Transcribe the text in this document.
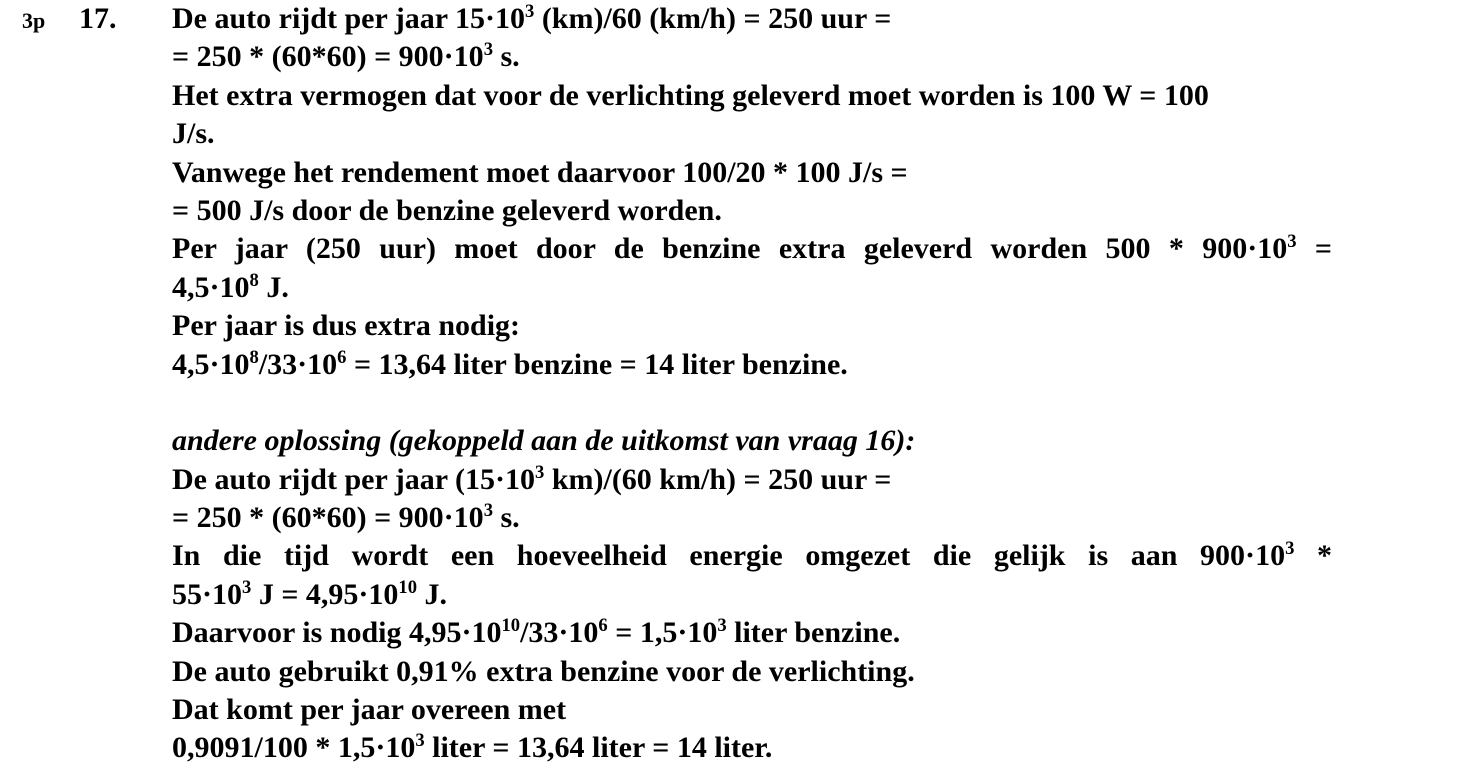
3p 17. De auto rijdt per jaar $15\cdot 10^3$ (km)/60 (km/h) = 250 uur =
= $250 * (60*60) = 900\cdot 10^3$ s.
Het extra vermogen dat voor de verlichting geleverd moet worden is 100 W = 100
J/s.
Vanwege het rendement moet daarvoor 100/20 * 100 J/s =
= 500 J/s door de benzine geleverd worden.
Per jaar (250 uur) moet door de benzine extra geleverd worden $500 * 900\cdot 10^3$ =
$4,5\cdot 10^8$ J.
Per jaar is dus extra nodig:
$4,5\cdot 10^8/33\cdot 10^6 = 13,64$ liter benzine = 14 liter benzine.
andere oplossing (gekoppeld aan de uitkomst van vraag 16):
De auto rijdt per jaar ($15\cdot 10^3$ km)/(60 km/h) = 250 uur =
= $250 * (60*60) = 900\cdot 10^3$ s.
In die tijd wordt een hoeveelheid energie omgezet die gelijk is aan $900\cdot 10^3$ *
$55\cdot 10^3$ $J = 4,95\cdot 10^{10}$ J.
Daarvoor is nodig $4,95\cdot 10^{10}/33\cdot 10^6 = 1,5\cdot 10^3$ liter benzine.
De auto gebruikt 0,91% extra benzine voor de verlichting.
Dat komt per jaar overeen met
$0,9091/100 * 1,5\cdot 10^3$ liter = 13,64 liter = 14 liter.
